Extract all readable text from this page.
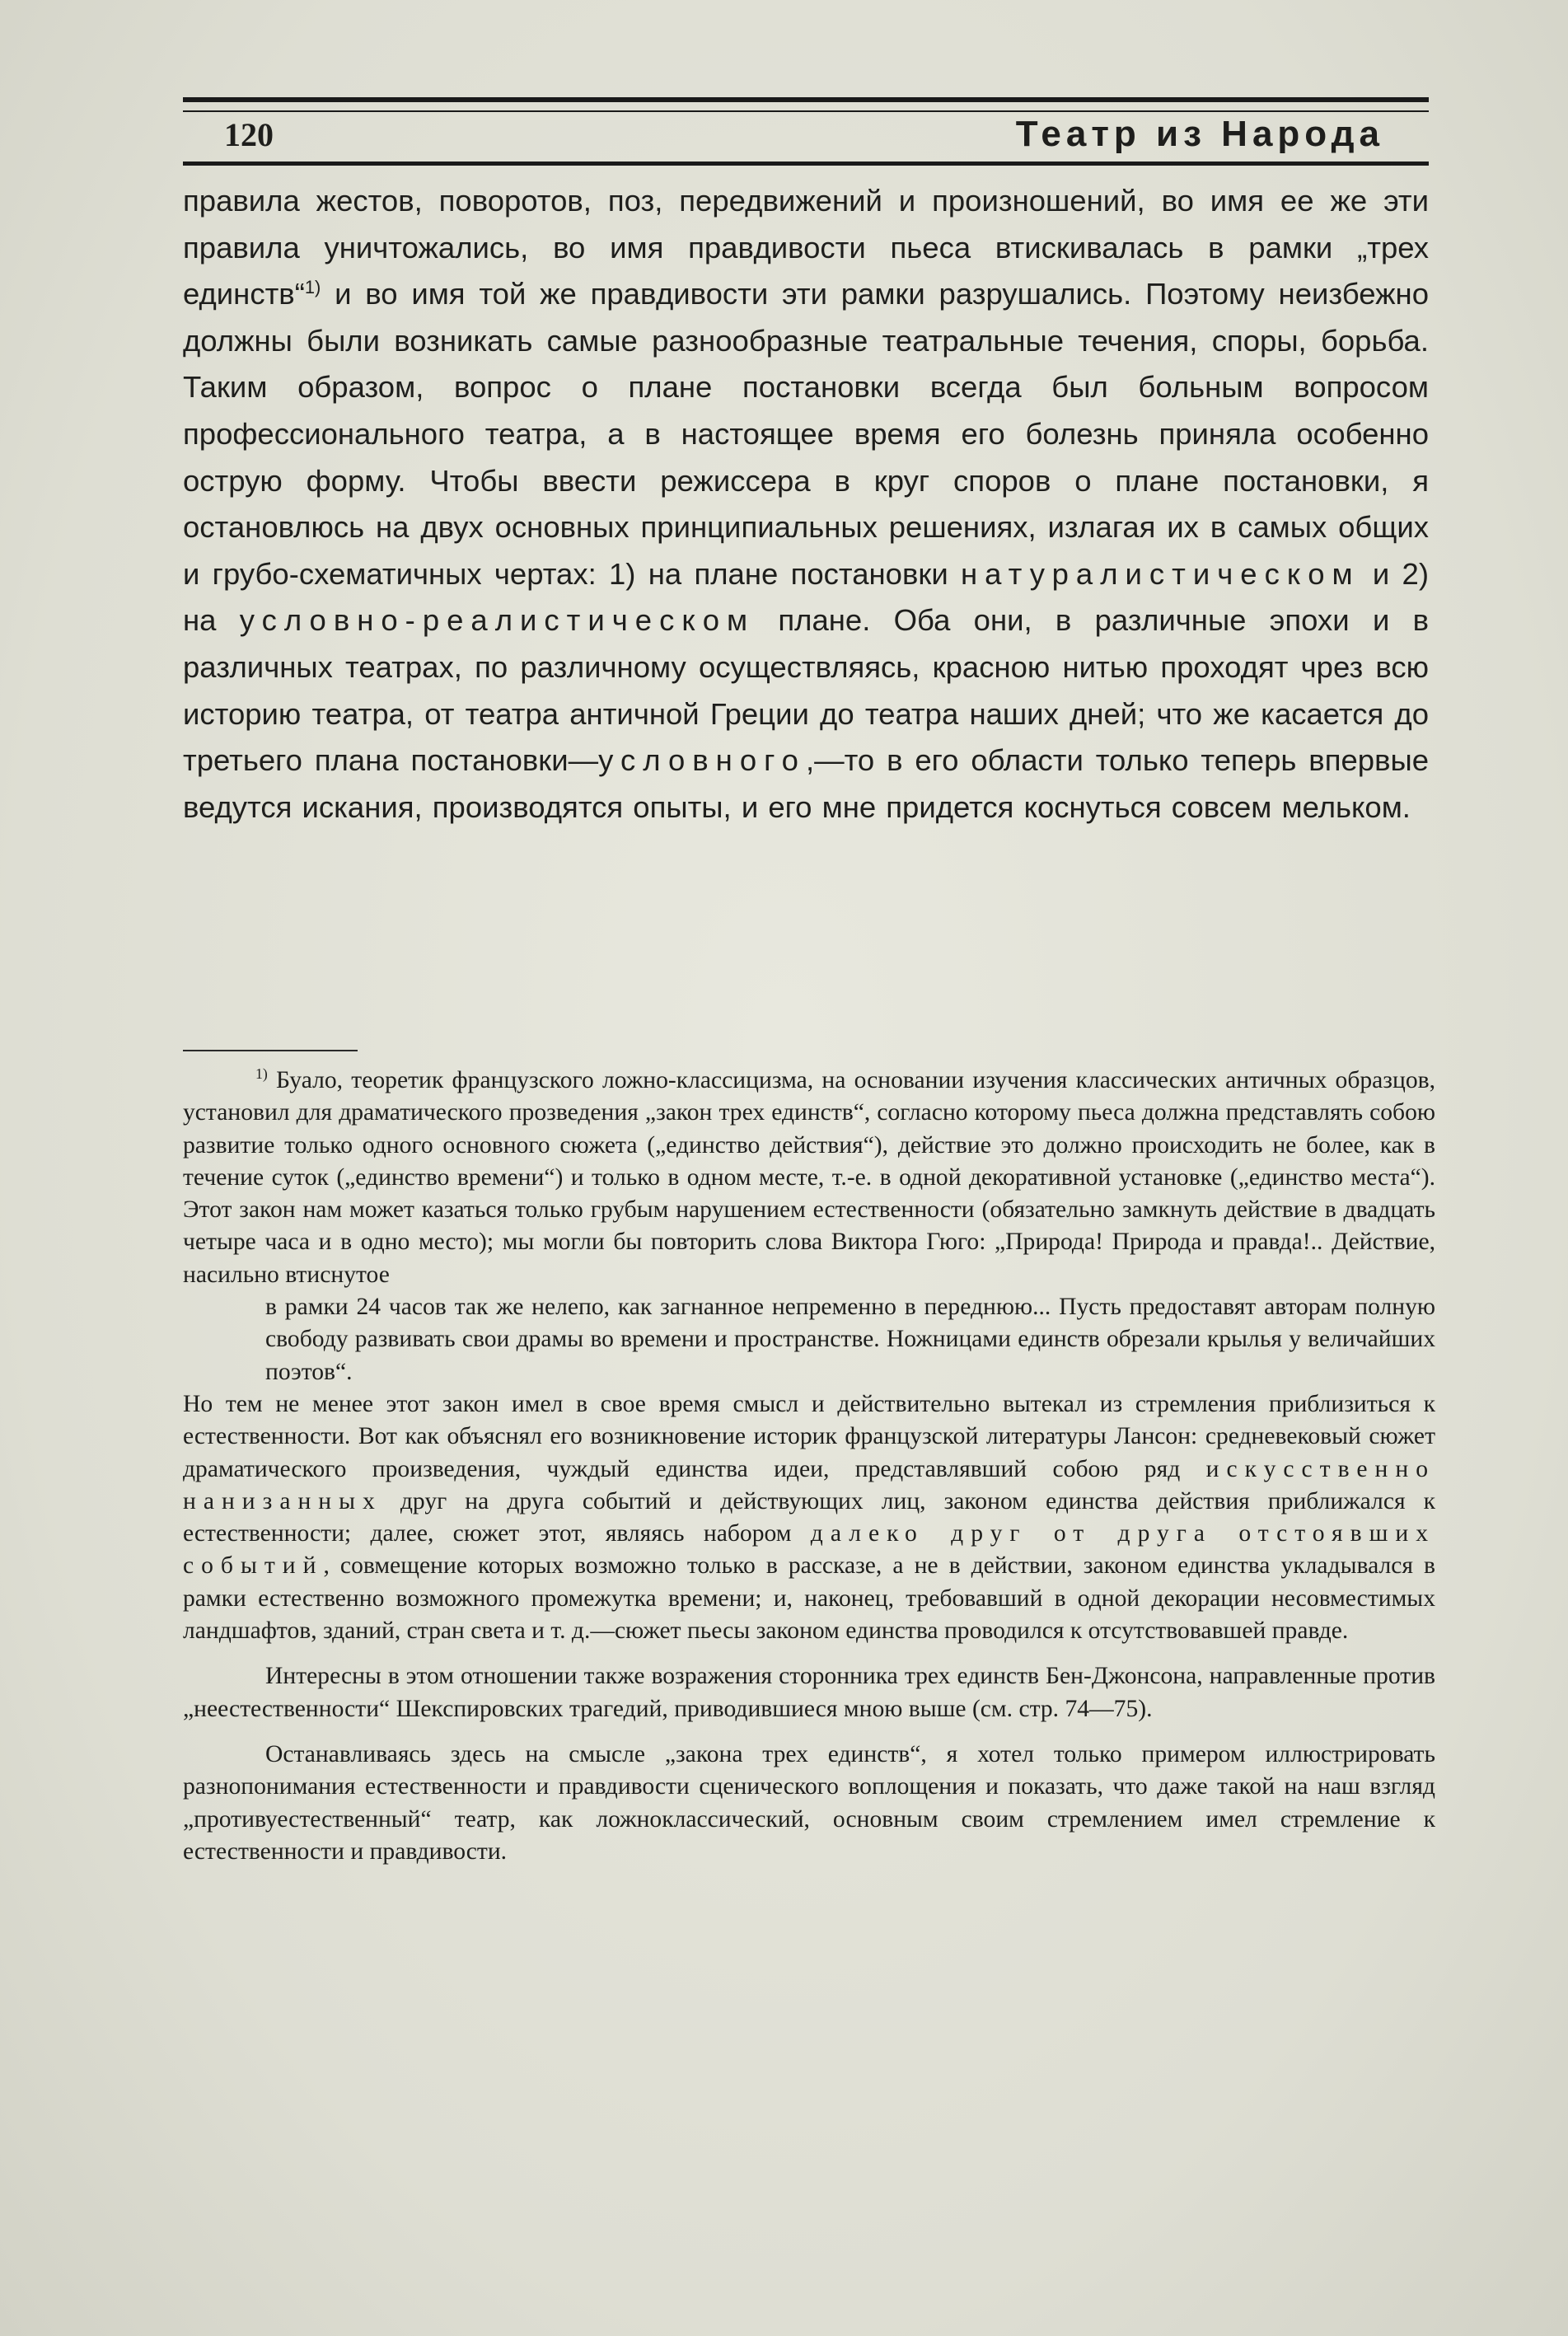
120	Театр из Народа

правила жестов, поворотов, поз, передвижений и произношений, во имя ее же эти правила уничтожались, во имя правдивости пьеса втискивалась в рамки „трех единств“$^{1)}$ и во имя той же правдивости эти рамки разрушались. Поэтому неизбежно должны были возникать самые разнообразные театральные течения, споры, борьба. Таким образом, вопрос о плане постановки всегда был больным вопросом профессионального театра, а в настоящее время его болезнь приняла особенно острую форму. Чтобы ввести режиссера в круг споров о плане постановки, я остановлюсь на двух основных принципиальных решениях, излагая их в самых общих и грубо-схематичных чертах: 1) на плане постановки натуралистическом и 2) на условно-реалистическом плане. Оба они, в различные эпохи и в различных театрах, по различному осуществляясь, красною нитью проходят чрез всю историю театра, от театра античной Греции до театра наших дней; что же касается до третьего плана постановки—условного,—то в его области только теперь впервые ведутся искания, производятся опыты, и его мне придется коснуться совсем мельком.

$^{1)}$ Буало, теоретик французского ложно-классицизма, на основании изучения классических античных образцов, установил для драматического прозведения „закон трех единств“, согласно которому пьеса должна представлять собою развитие только одного основного сюжета („единство действия“), действие это должно происходить не более, как в течение суток („единство времени“) и только в одном месте, т.-е. в одной декоративной установке („единство места“). Этот закон нам может казаться только грубым нарушением естественности (обязательно замкнуть действие в двадцать четыре часа и в одно место); мы могли бы повторить слова Виктора Гюго: „Природа! Природа и правда!.. Действие, насильно втиснутое

в рамки 24 часов так же нелепо, как загнанное непременно в переднюю... Пусть предоставят авторам полную свободу развивать свои драмы во времени и пространстве. Ножницами единств обрезали крылья у величайших поэтов“.

Но тем не менее этот закон имел в свое время смысл и действительно вытекал из стремления приблизиться к естественности. Вот как объяснял его возникновение историк французской литературы Лансон: средневековый сюжет драматического произведения, чуждый единства идеи, представлявший собою ряд искусственно нанизанных друг на друга событий и действующих лиц, законом единства действия приближался к естественности; далее, сюжет этот, являясь набором далеко друг от друга отстоявших событий, совмещение которых возможно только в рассказе, а не в действии, законом единства укладывался в рамки естественно возможного промежутка времени; и, наконец, требовавший в одной декорации несовместимых ландшафтов, зданий, стран света и т. д.—сюжет пьесы законом единства проводился к отсутствовавшей правде.

Интересны в этом отношении также возражения сторонника трех единств Бен-Джонсона, направленные против „неестественности“ Шекспировских трагедий, приводившиеся мною выше (см. стр. 74—75).

Останавливаясь здесь на смысле „закона трех единств“, я хотел только примером иллюстрировать разнопонимания естественности и правдивости сценического воплощения и показать, что даже такой на наш взгляд „противуестественный“ театр, как ложноклассический, основным своим стремлением имел стремление к естественности и правдивости.
